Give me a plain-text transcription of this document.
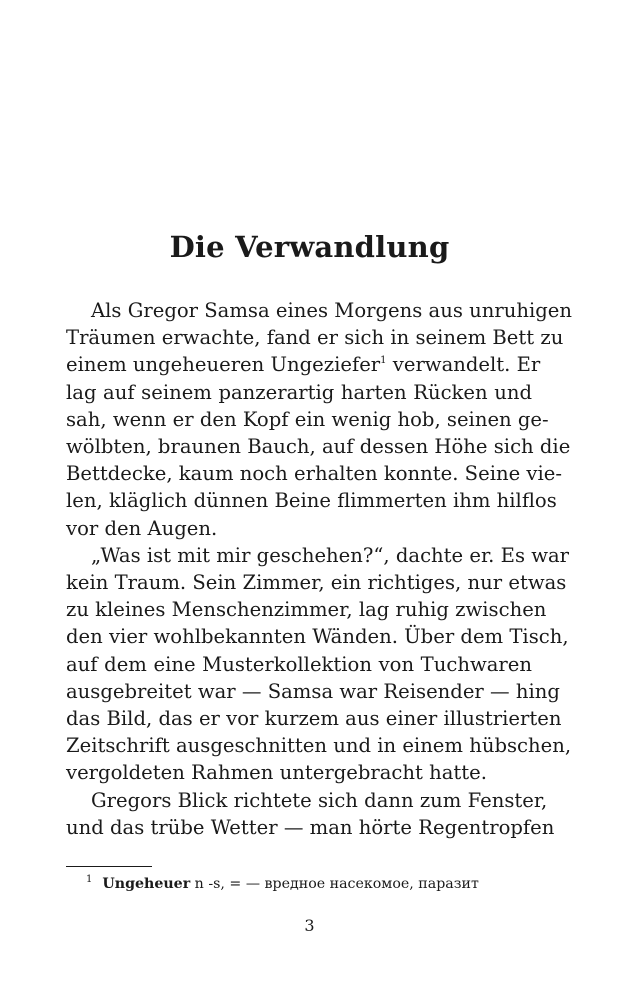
Die Verwandlung
Als Gregor Samsa eines Morgens aus unruhigen
Träumen erwachte, fand er sich in seinem Bett zu
einem ungeheueren Ungeziefer$^1$ verwandelt. Er
lag auf seinem panzerartig harten Rücken und
sah, wenn er den Kopf ein wenig hob, seinen ge-
wölbten, braunen Bauch, auf dessen Höhe sich die
Bettdecke, kaum noch erhalten konnte. Seine vie-
len, kläglich dünnen Beine flimmerten ihm hilflos
vor den Augen.
„Was ist mit mir geschehen?“, dachte er. Es war
kein Traum. Sein Zimmer, ein richtiges, nur etwas
zu kleines Menschenzimmer, lag ruhig zwischen
den vier wohlbekannten Wänden. Über dem Tisch,
auf dem eine Musterkollektion von Tuchwaren
ausgebreitet war — Samsa war Reisender — hing
das Bild, das er vor kurzem aus einer illustrierten
Zeitschrift ausgeschnitten und in einem hübschen,
vergoldeten Rahmen untergebracht hatte.
Gregors Blick richtete sich dann zum Fenster,
und das trübe Wetter — man hörte Regentropfen
$^1$ Ungeheuer n -s, = — вредное насекомое, паразит
3
